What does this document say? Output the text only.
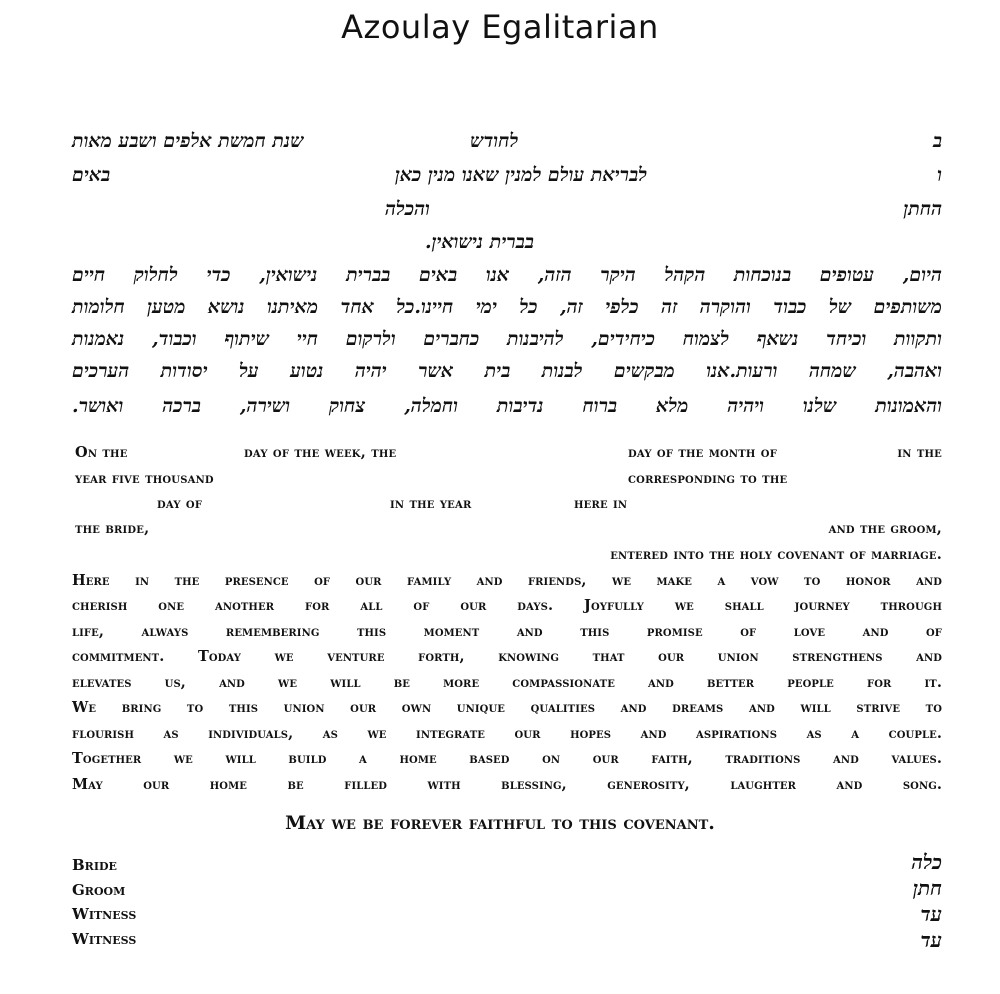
Azoulay Egalitarian
ב
לחודש
שנת חמשת אלפים ושבע מאות
ו
לבריאת עולם למנין שאנו מנין כאן
באים
החתן
והכלה
בברית נישואין.
היום, עטופים בנוכחות הקהל היקר הזה, אנו באים בברית נישואין, כדי לחלוק חיים
משותפים של כבוד והוקרה זה כלפי זה, כל ימי חיינו.כל אחד מאיתנו נושא מטען חלומות
ותקוות וכיחד נשאף לצמוח כיחידים, להיבנות כחברים ולרקום חיי שיתוף וכבוד, נאמנות
ואהבה, שמחה ורעות.אנו מבקשים לבנות בית אשר יהיה נטוע על יסודות הערכים
והאמונות שלנו ויהיה מלא ברוח נדיבות וחמלה, צחוק ושירה, ברכה ואושר.
On the	day of the week, the	day of the month of	in the
year five thousand	corresponding to the
day of	in the year	here in
the bride,	and the groom,
entered into the holy covenant of marriage.
Here in the presence of our family and friends, we make a vow to honor and
cherish one another for all of our days. Joyfully we shall journey through
life, always remembering this moment and this promise of love and of
commitment. Today we venture forth, knowing that our union strengthens and
elevates us, and we will be more compassionate and better people for it.
We bring to this union our own unique qualities and dreams and will strive to
flourish as individuals, as we integrate our hopes and aspirations as a couple.
Together we will build a home based on our faith, traditions and values.
May our home be filled with blessing, generosity, laughter and song.
May we be forever faithful to this covenant.
Bride	כלה
Groom	חתן
Witness	עד
Witness	עד
